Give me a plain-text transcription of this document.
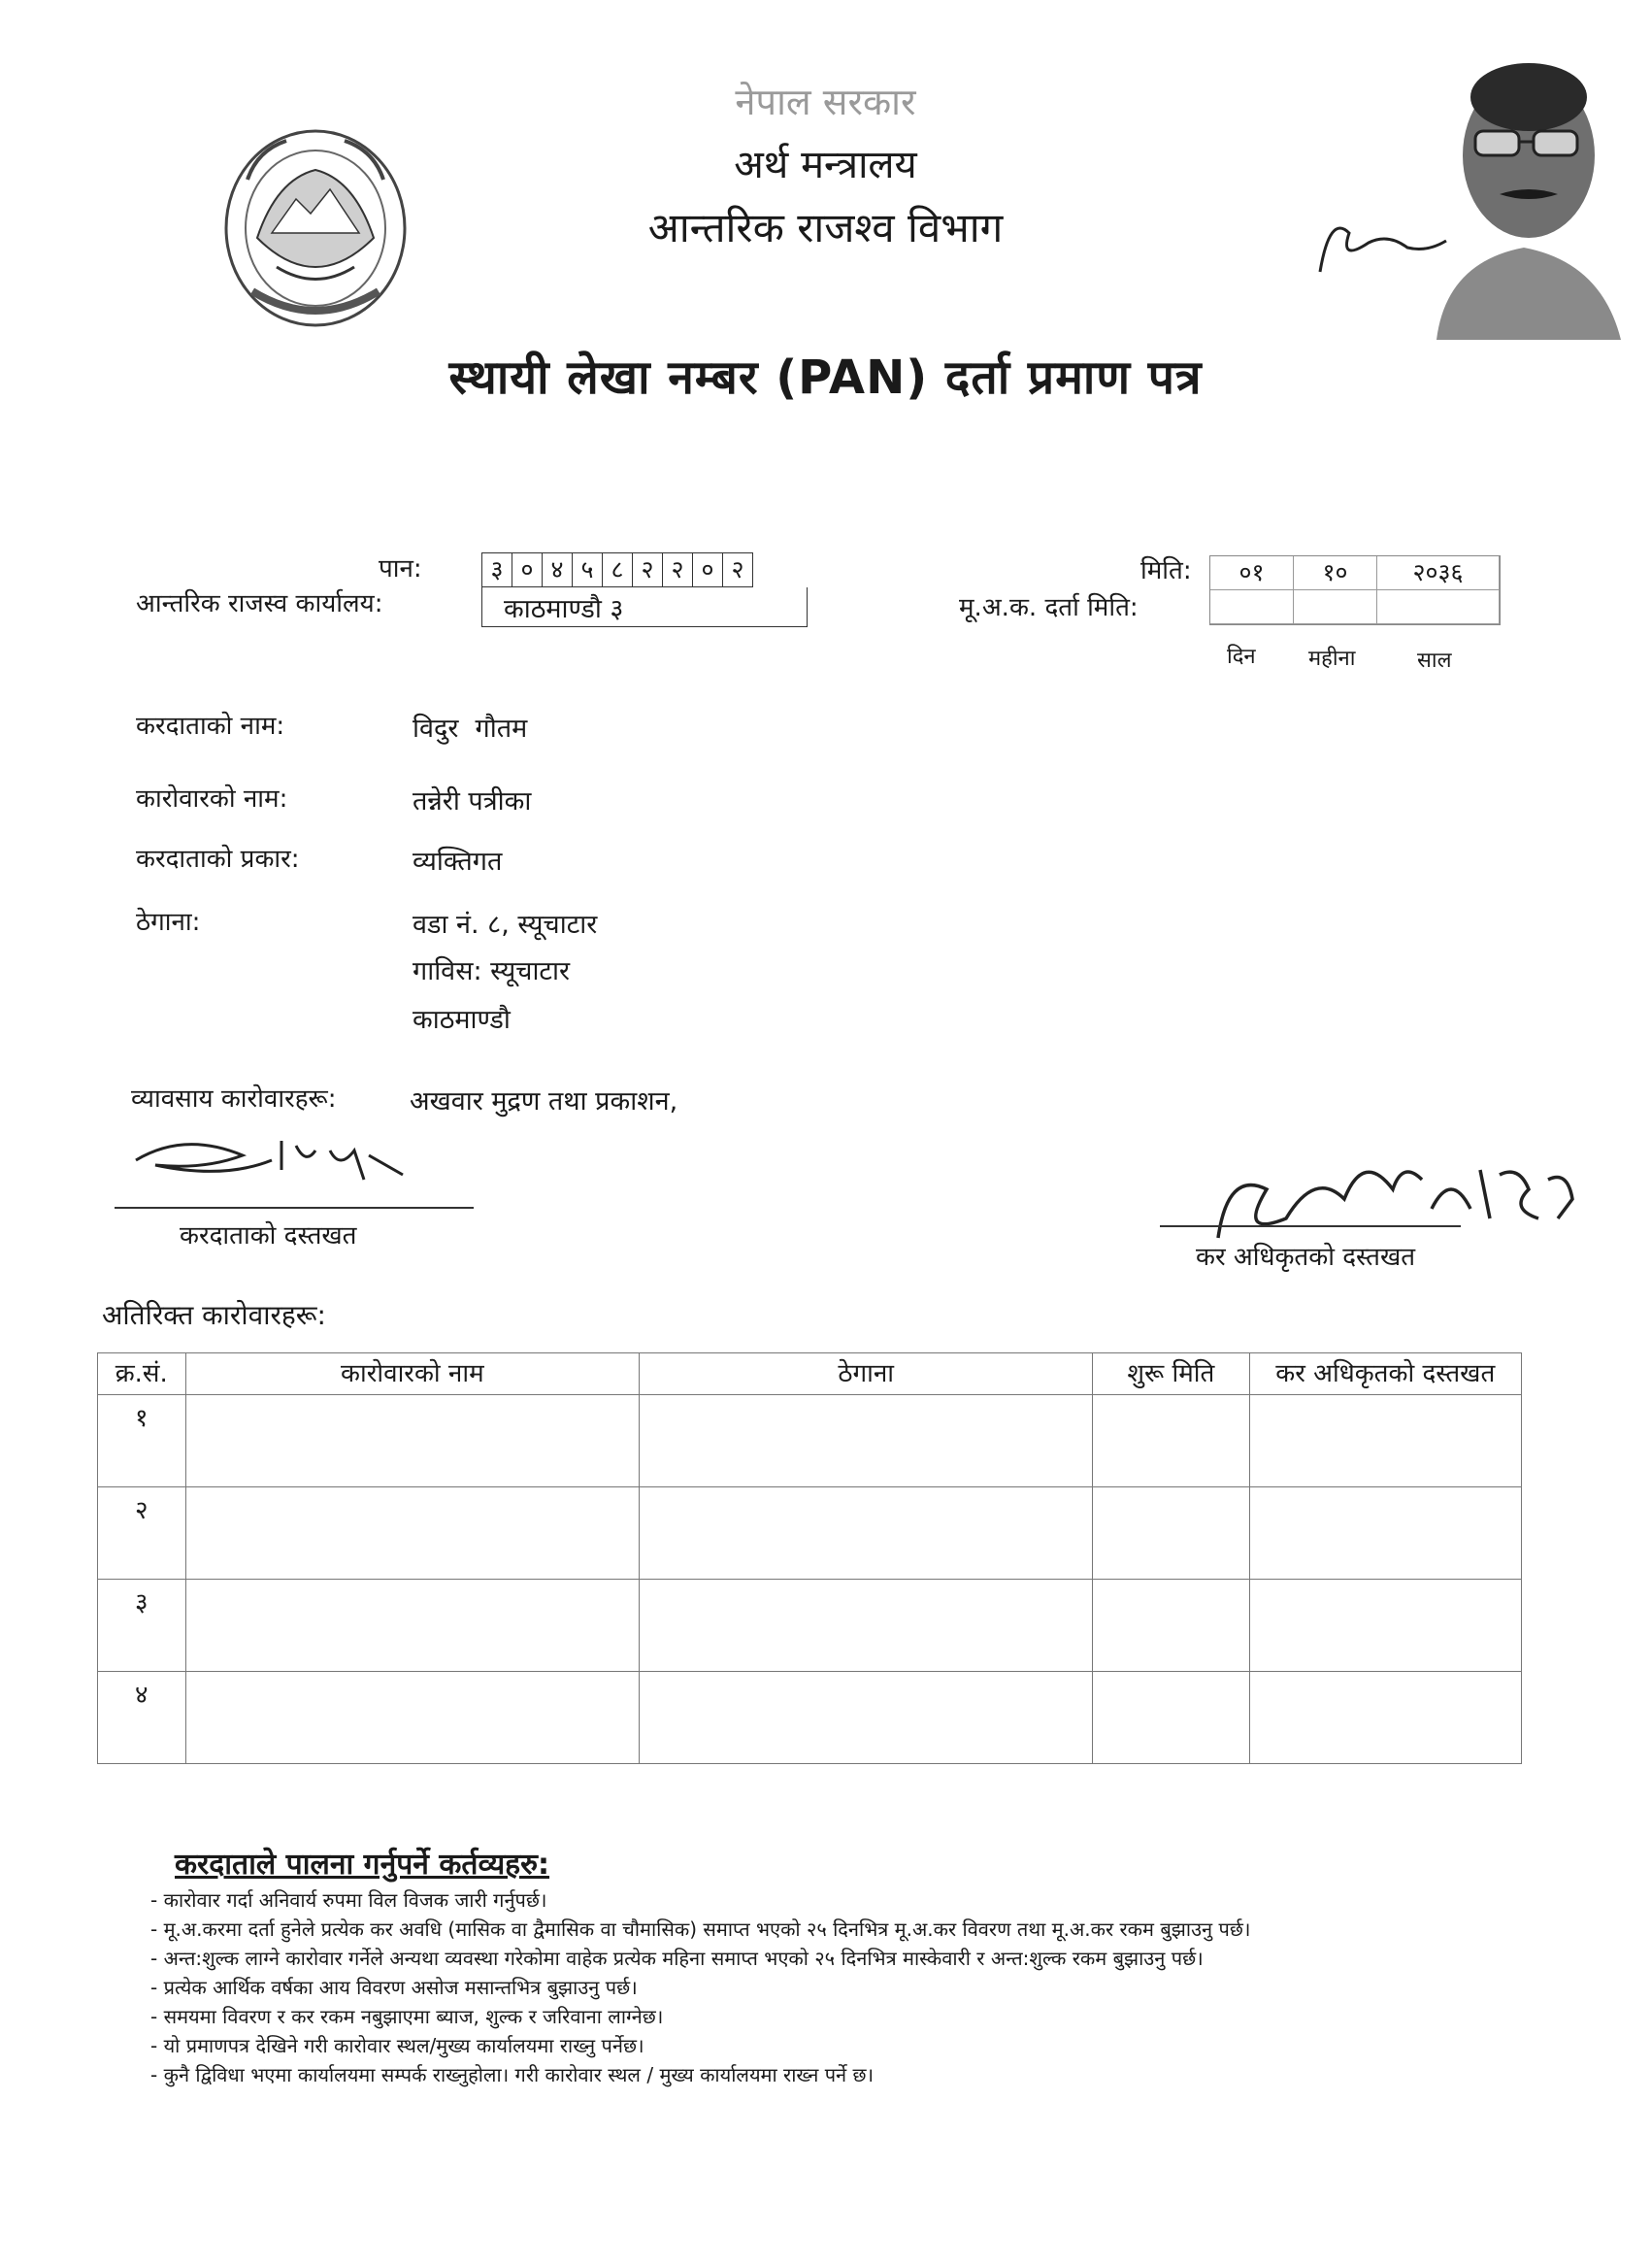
नेपाल सरकार
अर्थ मन्त्रालय
आन्तरिक राजश्व विभाग
स्थायी लेखा नम्बर (PAN) दर्ता प्रमाण पत्र
पान:	३ ० ४ ५ ८ २ २ ० २
आन्तरिक राजस्व कार्यालय:	काठमाण्डौ ३
मिति:
मू.अ.क. दर्ता मिति:
०१	१०	२०३६
दिन महीना	साल
करदाताको नाम:	विदुर  गौतम
कारोवारको नाम:	तन्नेरी पत्रीका
करदाताको प्रकार:	व्यक्तिगत
ठेगाना:	वडा नं. ८, स्यूचाटार
गाविस: स्यूचाटार
काठमाण्डौ
व्यावसाय कारोवारहरू:	अखवार मुद्रण तथा प्रकाशन,
करदाताको दस्तखत
कर अधिकृतको दस्तखत
अतिरिक्त कारोवारहरू:
क्र.सं.	कारोवारको नाम	ठेगाना	शुरू मिति	कर अधिकृतको दस्तखत
१				
२				
३				
४				
करदाताले पालना गर्नुपर्ने कर्तव्यहरु:
- कारोवार गर्दा अनिवार्य रुपमा विल विजक जारी गर्नुपर्छ।
- मू.अ.करमा दर्ता हुनेले प्रत्येक कर अवधि (मासिक वा द्वैमासिक वा चौमासिक) समाप्त भएको २५ दिनभित्र मू.अ.कर विवरण तथा मू.अ.कर रकम बुझाउनु पर्छ।
- अन्त:शुल्क लाग्ने कारोवार गर्नेले अन्यथा व्यवस्था गरेकोमा वाहेक प्रत्येक महिना समाप्त भएको २५ दिनभित्र मास्केवारी र अन्त:शुल्क रकम बुझाउनु पर्छ।
- प्रत्येक आर्थिक वर्षका आय विवरण असोज मसान्तभित्र बुझाउनु पर्छ।
- समयमा विवरण र कर रकम नबुझाएमा ब्याज, शुल्क र जरिवाना लाग्नेछ।
- यो प्रमाणपत्र देखिने गरी कारोवार स्थल/मुख्य कार्यालयमा राख्नु पर्नेछ।
- कुनै द्विविधा भएमा कार्यालयमा सम्पर्क राख्नुहोला। गरी कारोवार स्थल / मुख्य कार्यालयमा राख्न पर्ने छ।
